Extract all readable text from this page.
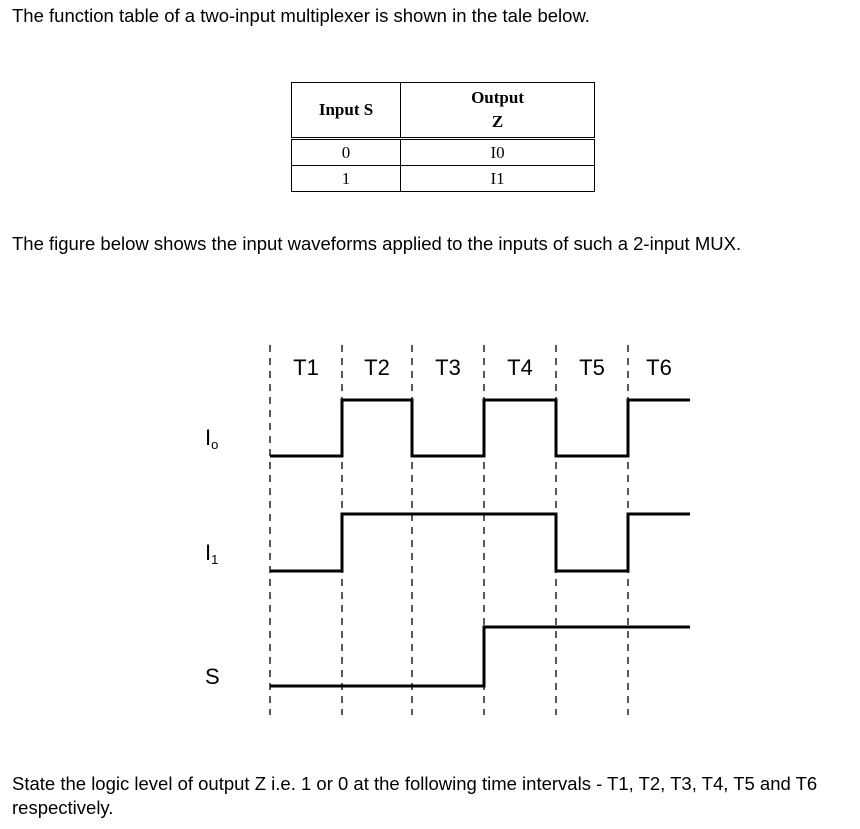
The function table of a two-input multiplexer is shown in the tale below.

Input S	Output Z
0	I0
1	I1

The figure below shows the input waveforms applied to the inputs of such a 2-input MUX.

T1 T2 T3 T4 T5 T6
Io
I1
S

State the logic level of output Z i.e. 1 or 0 at the following time intervals - T1, T2, T3, T4, T5 and T6 respectively.
